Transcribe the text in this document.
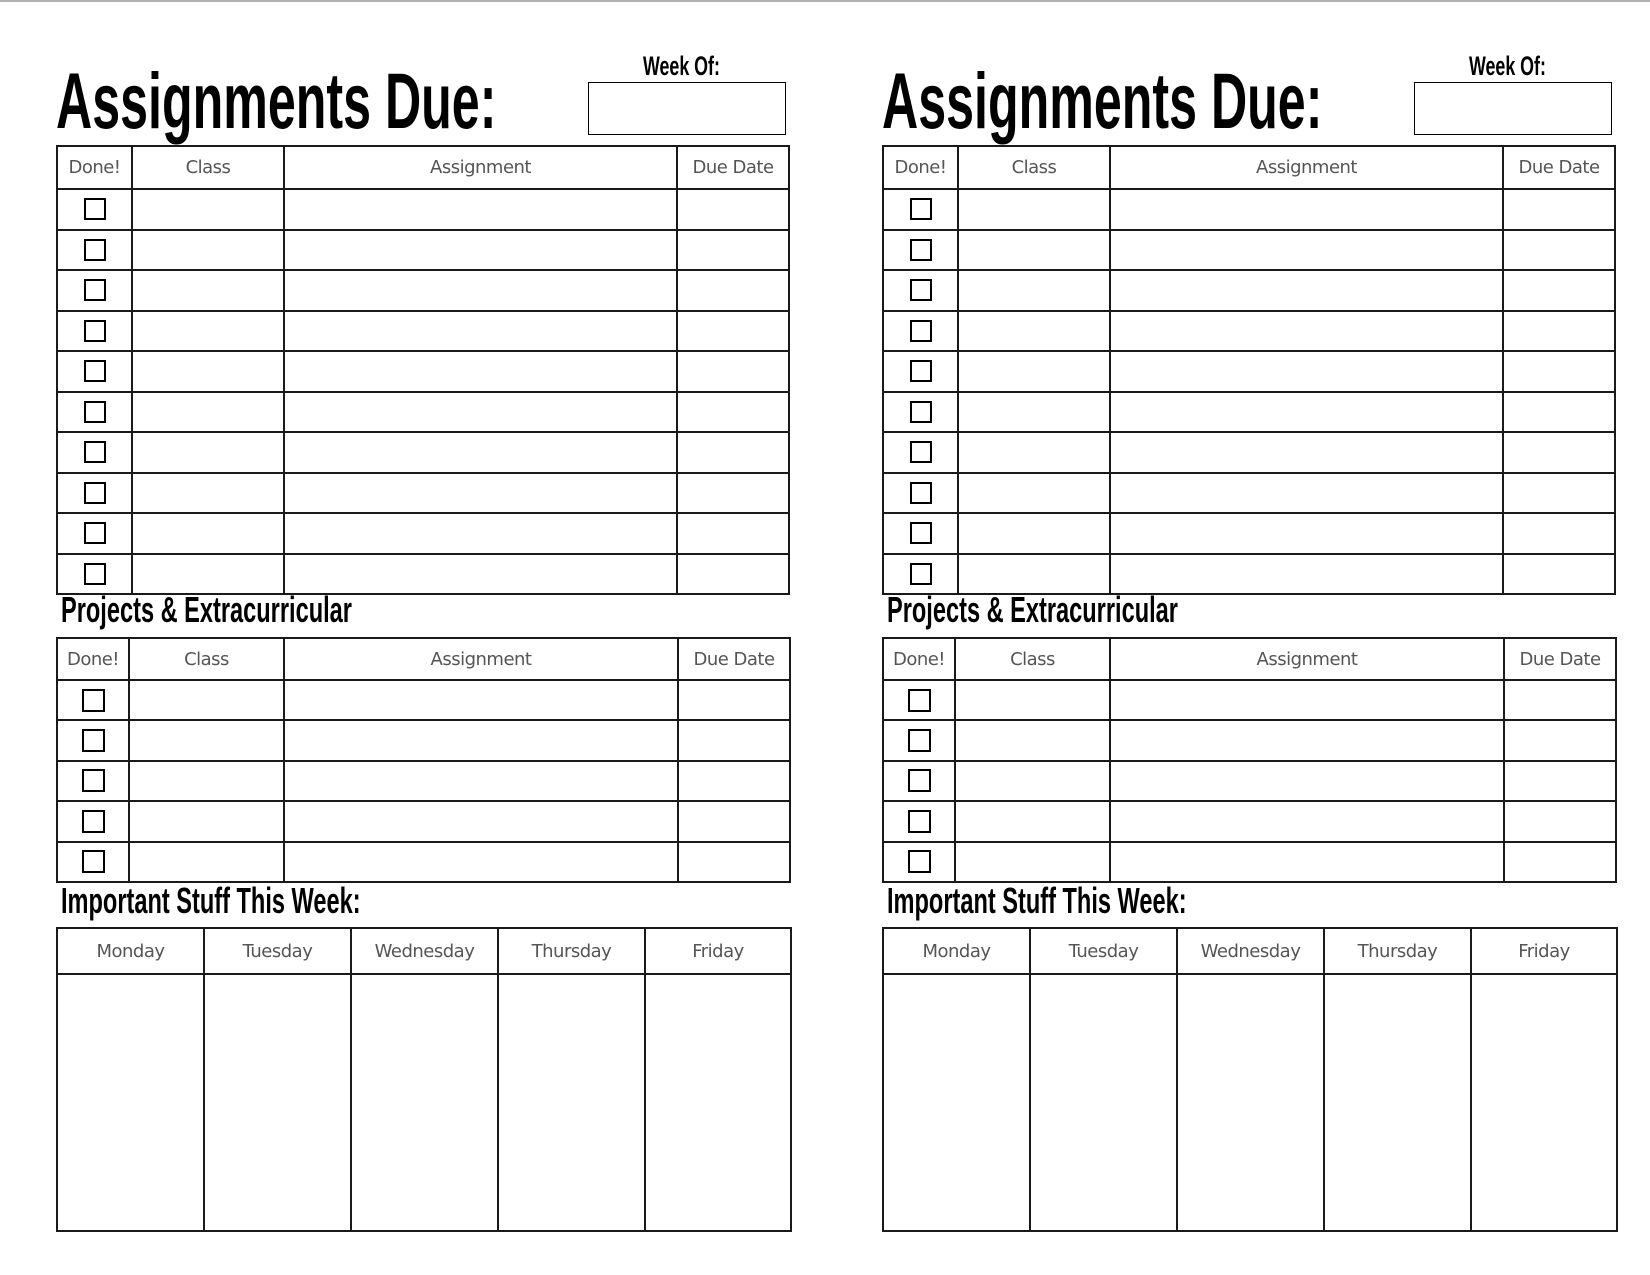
Assignments Due:	Week Of:
Done!	Class	Assignment	Due Date

Projects & Extracurricular
Done!	Class	Assignment	Due Date

Important Stuff This Week:
Monday	Tuesday	Wednesday	Thursday	Friday

Assignments Due:	Week Of:
Done!	Class	Assignment	Due Date

Projects & Extracurricular
Done!	Class	Assignment	Due Date

Important Stuff This Week:
Monday	Tuesday	Wednesday	Thursday	Friday
